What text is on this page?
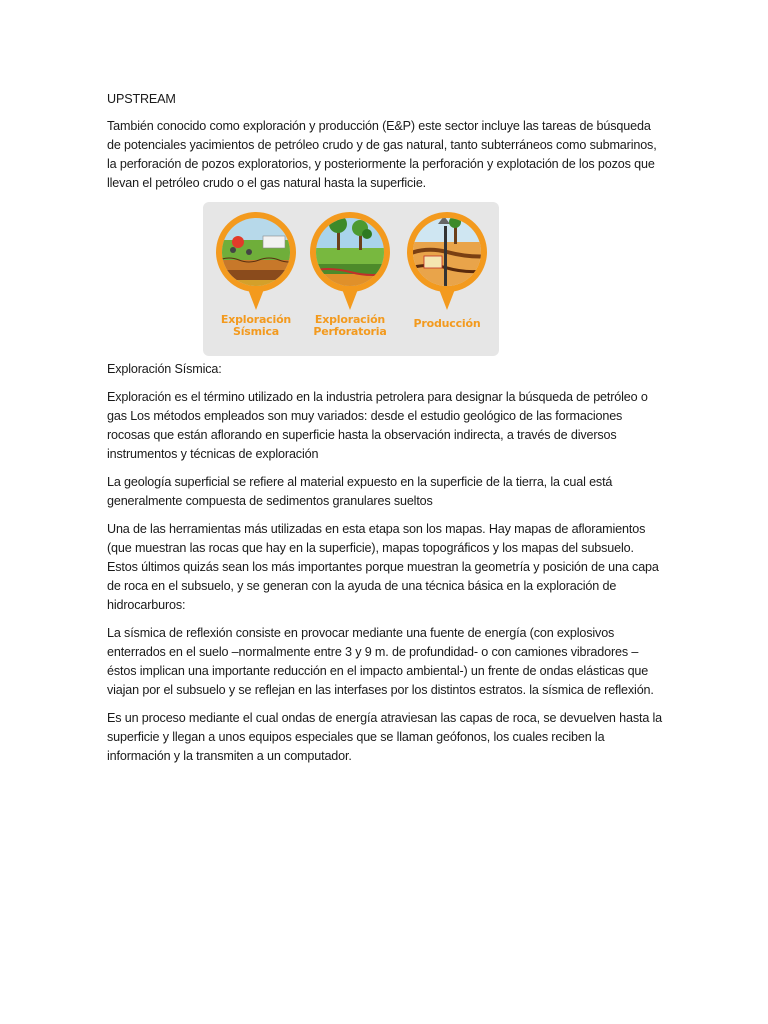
UPSTREAM

También conocido como exploración y producción (E&P) este sector incluye las tareas de búsqueda de potenciales yacimientos de petróleo crudo y de gas natural, tanto subterráneos como submarinos, la perforación de pozos exploratorios, y posteriormente la perforación y explotación de los pozos que llevan el petróleo crudo o el gas natural hasta la superficie.

Exploración Sísmica
Exploración Perforatoria
Producción

Exploración Sísmica:

Exploración es el término utilizado en la industria petrolera para designar la búsqueda de petróleo o gas Los métodos empleados son muy variados: desde el estudio geológico de las formaciones rocosas que están aflorando en superficie hasta la observación indirecta, a través de diversos instrumentos y técnicas de exploración

La geología superficial se refiere al material expuesto en la superficie de la tierra, la cual está generalmente compuesta de sedimentos granulares sueltos

Una de las herramientas más utilizadas en esta etapa son los mapas. Hay mapas de afloramientos (que muestran las rocas que hay en la superficie), mapas topográficos y los mapas del subsuelo. Estos últimos quizás sean los más importantes porque muestran la geometría y posición de una capa de roca en el subsuelo, y se generan con la ayuda de una técnica básica en la exploración de hidrocarburos:

La sísmica de reflexión consiste en provocar mediante una fuente de energía (con explosivos enterrados en el suelo –normalmente entre 3 y 9 m. de profundidad- o con camiones vibradores – éstos implican una importante reducción en el impacto ambiental-) un frente de ondas elásticas que viajan por el subsuelo y se reflejan en las interfases por los distintos estratos. la sísmica de reflexión.

Es un proceso mediante el cual ondas de energía atraviesan las capas de roca, se devuelven hasta la superficie y llegan a unos equipos especiales que se llaman geófonos, los cuales reciben la información y la transmiten a un computador.
